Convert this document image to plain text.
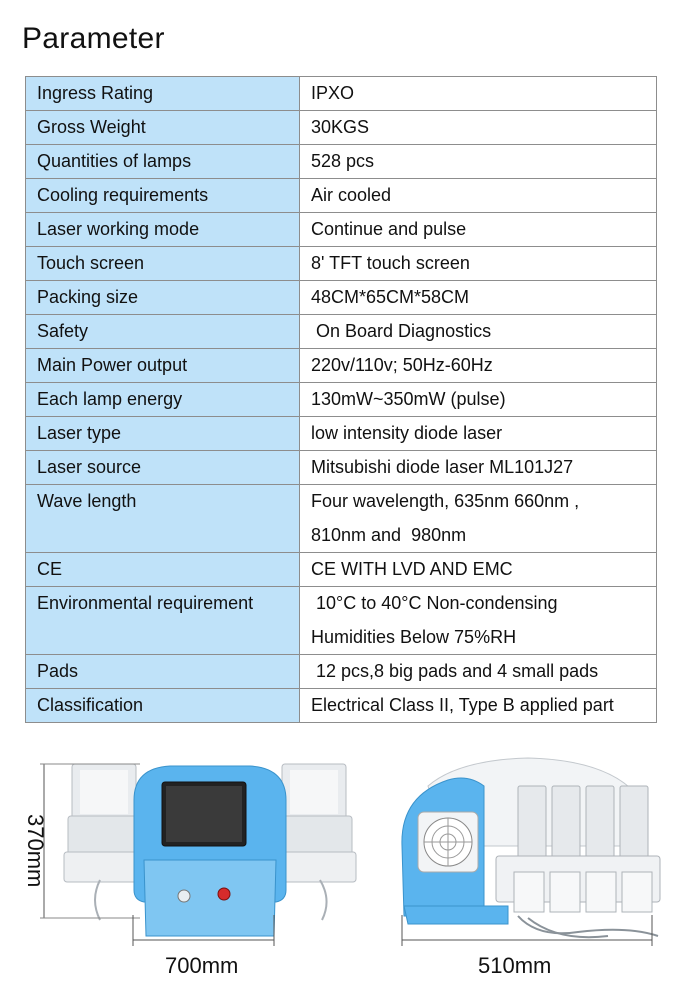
Parameter
Ingress Rating	IPXO

Gross Weight	30KGS

Quantities of lamps	528 pcs

Cooling requirements	Air cooled

Laser working mode	Continue and pulse

Touch screen	8' TFT touch screen

Packing size	48CM*65CM*58CM

Safety	On Board Diagnostics

Main Power output	220v/110v; 50Hz-60Hz

Each lamp energy	130mW~350mW (pulse)

Laser type	low intensity diode laser

Laser source	Mitsubishi diode laser ML101J27

Wave length	Four wavelength, 635nm 660nm ,
810nm and  980nm

CE	CE WITH LVD AND EMC

Environmental requirement	10°C to 40°C Non-condensing
Humidities Below 75%RH

Pads	12 pcs,8 big pads and 4 small pads

Classification	Electrical Class II, Type B applied part
370mm
700mm	510mm
